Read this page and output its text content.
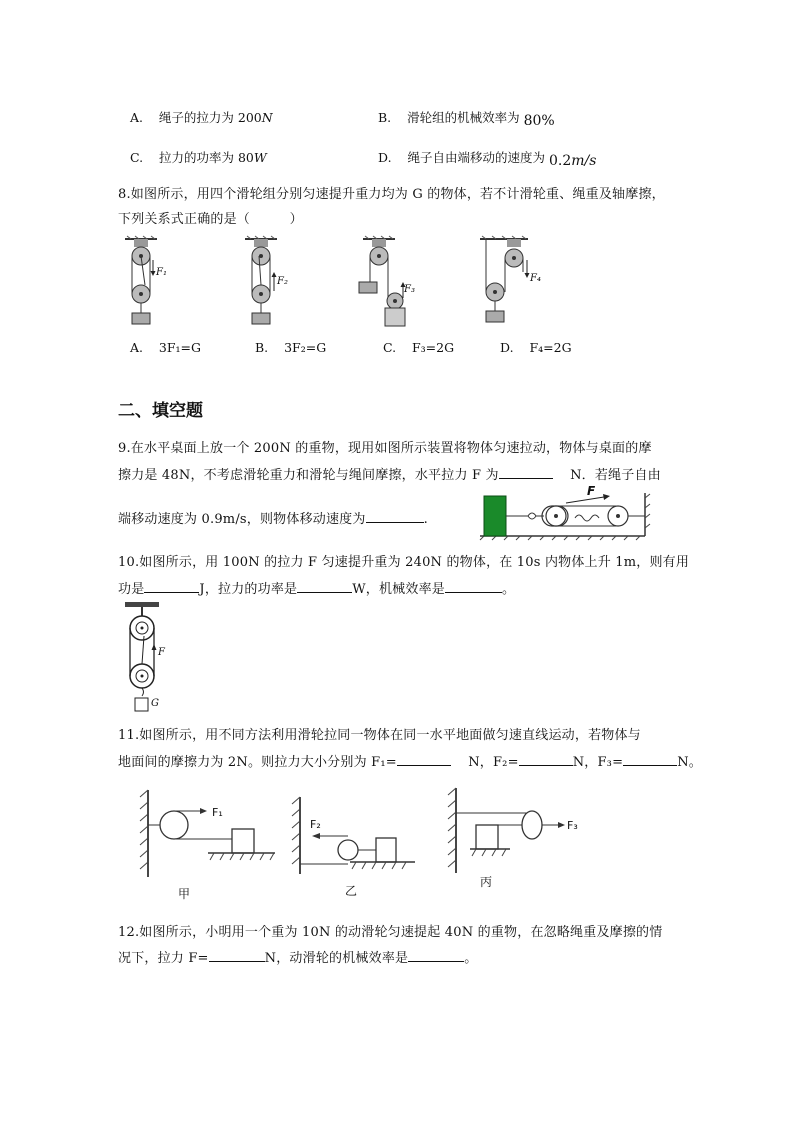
A. 绳子的拉力为 200N	B. 滑轮组的机械效率为 80%
C. 拉力的功率为 80W	D. 绳子自由端移动的速度为 0.2m/s
8.如图所示，用四个滑轮组分别匀速提升重力均为 G 的物体，若不计滑轮重、绳重及轴摩擦，
下列关系式正确的是（　　　）
F₁
F₂
F₃
F₄
A. 3F₁=G	B. 3F₂=G	C. F₃=2G	D. F₄=2G
二、填空题
9.在水平桌面上放一个 200N 的重物，现用如图所示装置将物体匀速拉动，物体与桌面的摩
擦力是 48N，不考虑滑轮重力和滑轮与绳间摩擦，水平拉力 F 为	N．若绳子自由
端移动速度为 0.9m/s，则物体移动速度为	.
F
10.如图所示，用 100N 的拉力 F 匀速提升重为 240N 的物体，在 10s 内物体上升 1m，则有用
功是	J，拉力的功率是	W，机械效率是	。
F
G
11.如图所示，用不同方法利用滑轮拉同一物体在同一水平地面做匀速直线运动，若物体与
地面间的摩擦力为 2N。则拉力大小分别为 F₁=	N，F₂=	N，F₃=	N。
F₁
甲
F₂
乙
F₃
丙
12.如图所示，小明用一个重为 10N 的动滑轮匀速提起 40N 的重物，在忽略绳重及摩擦的情
况下，拉力 F=	N，动滑轮的机械效率是	。
